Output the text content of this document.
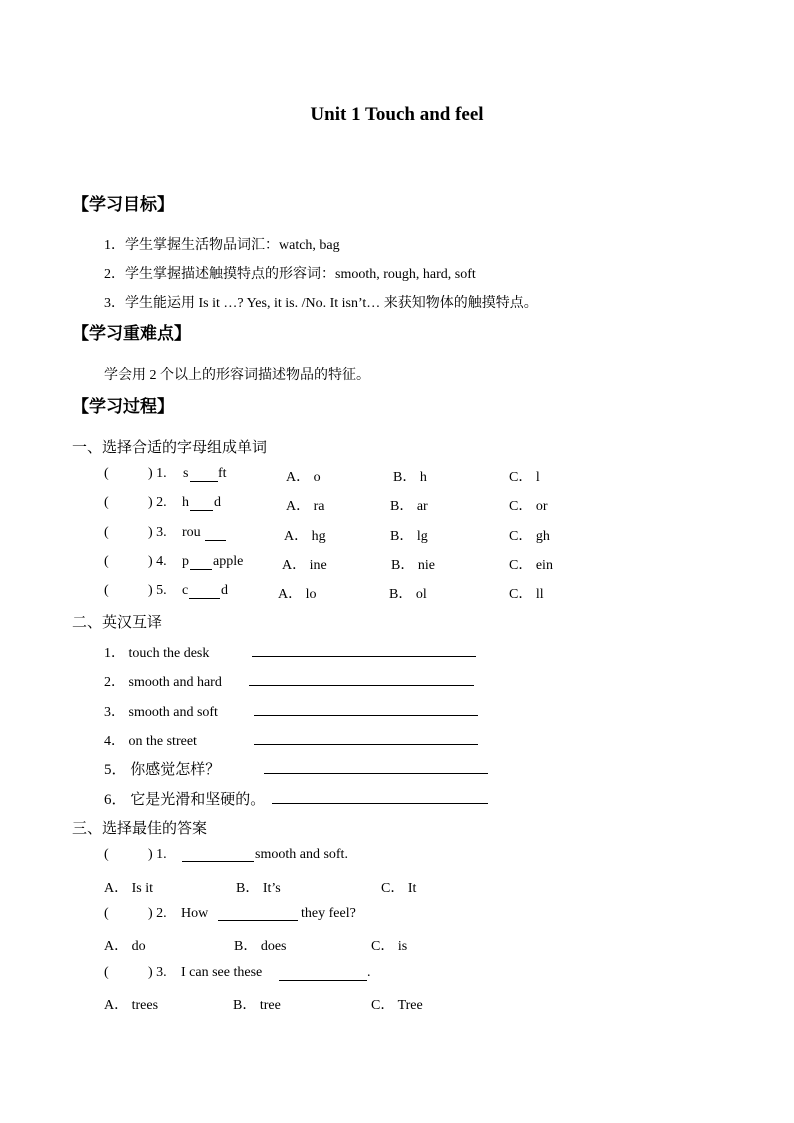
Unit 1 Touch and feel
【学习目标】
1．学生掌握生活物品词汇：watch, bag
2．学生掌握描述触摸特点的形容词：smooth, rough, hard, soft
3．学生能运用 Is it …? Yes, it is. /No. It isn’t… 来获知物体的触摸特点。
【学习重难点】
学会用 2 个以上的形容词描述物品的特征。
【学习过程】
一、选择合适的字母组成单词
(	) 1. s ft	A． o	B． h	C． l
(	) 2. h d	A． ra	B． ar	C． or
(	) 3. rou	A． hg	B． lg	C． gh
(	) 4. p apple	A． ine	B． nie	C． ein
(	) 5. c d	A． lo	B． ol	C． ll
二、英汉互译
1． touch the desk
2． smooth and hard
3． smooth and soft
4． on the street
5． 你感觉怎样？
6． 它是光滑和坚硬的。
三、选择最佳的答案
(	) 1.	smooth and soft.
A． Is it	B． It’s	C． It
(	) 2. How	they feel?
A． do	B． does	C． is
(	) 3. I can see these	.
A． trees	B． tree	C． Tree
